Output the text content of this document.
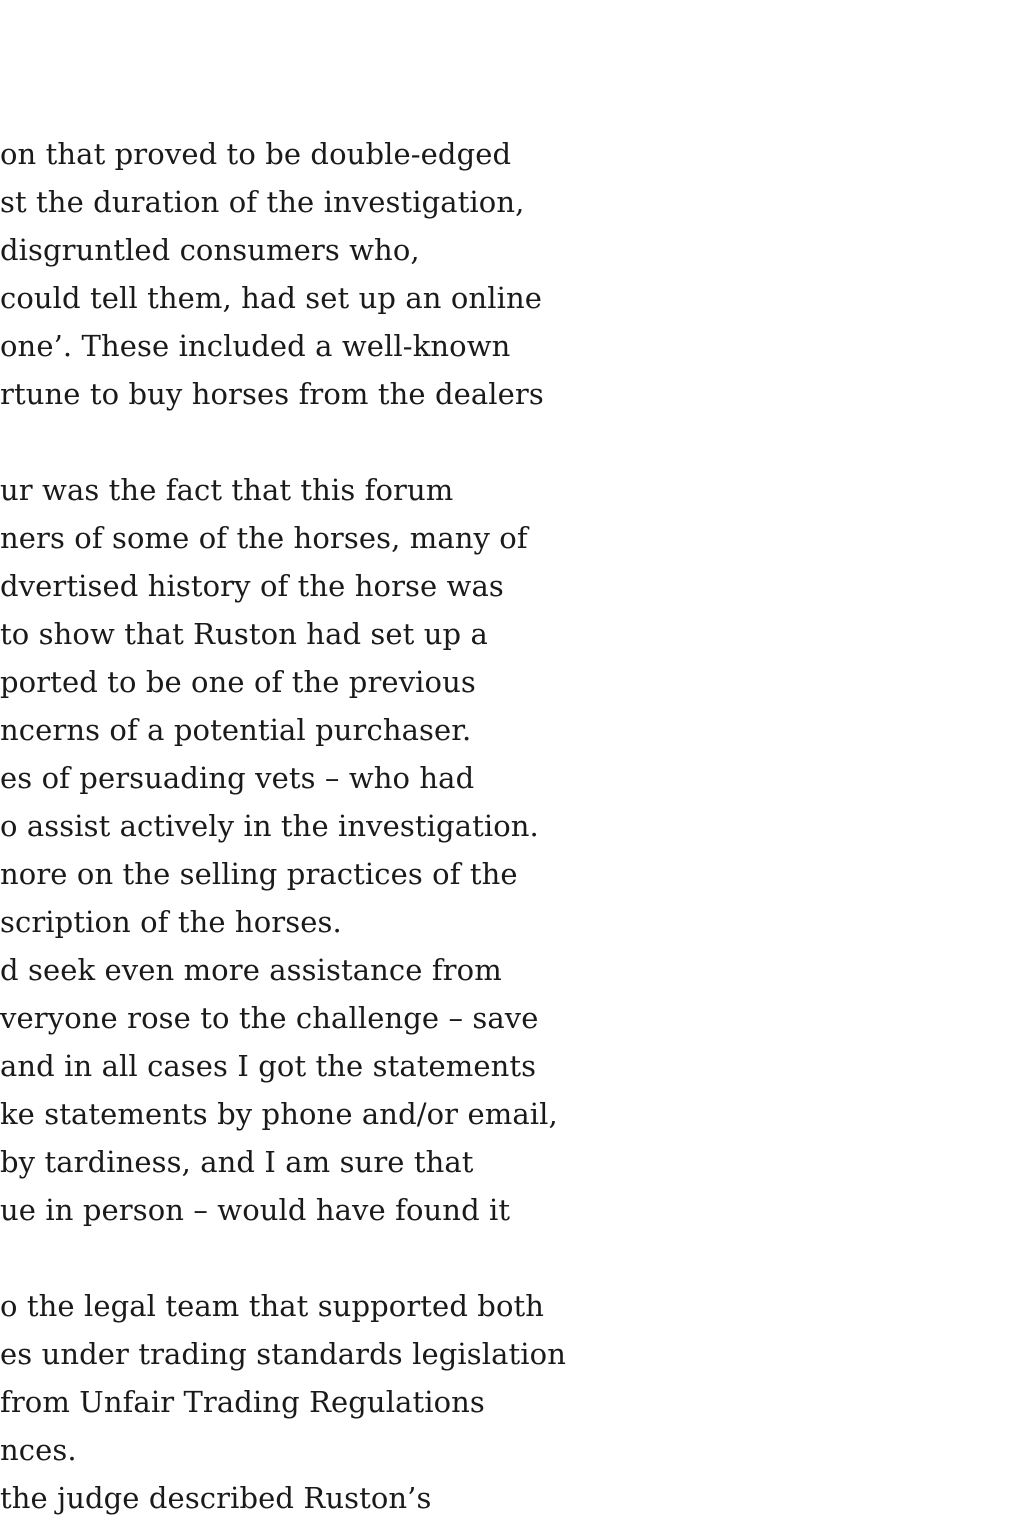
on that proved to be double-edged
st the duration of the investigation,
disgruntled consumers who,
could tell them, had set up an online
one’. These included a well-known
rtune to buy horses from the dealers
ur was the fact that this forum
ners of some of the horses, many of
dvertised history of the horse was
to show that Ruston had set up a
ported to be one of the previous
ncerns of a potential purchaser.
es of persuading vets – who had
o assist actively in the investigation.
nore on the selling practices of the
scription of the horses.
d seek even more assistance from
veryone rose to the challenge – save
and in all cases I got the statements
ke statements by phone and/or email,
by tardiness, and I am sure that
ue in person – would have found it
o the legal team that supported both
es under trading standards legislation
from Unfair Trading Regulations
nces.
the judge described Ruston’s
